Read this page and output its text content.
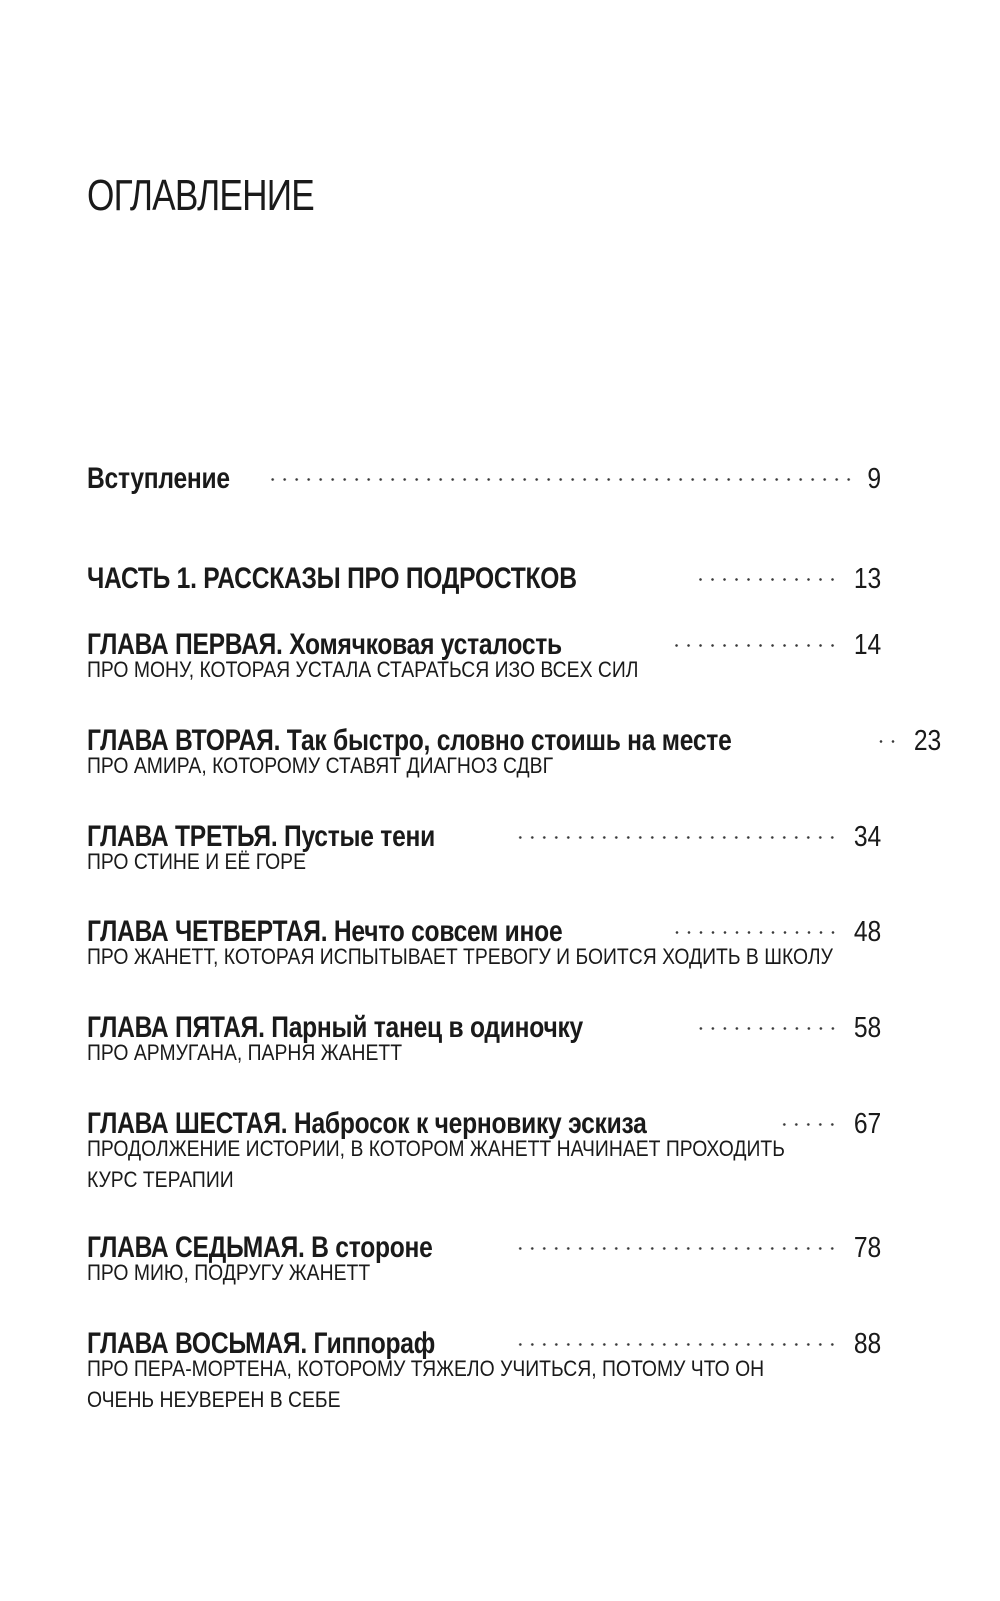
ОГЛАВЛЕНИЕ
Вступление	9
ЧАСТЬ 1. РАССКАЗЫ ПРО ПОДРОСТКОВ	13
ГЛАВА ПЕРВАЯ. Хомячковая усталость	14
ПРО МОНУ, КОТОРАЯ УСТАЛА СТАРАТЬСЯ ИЗО ВСЕХ СИЛ
ГЛАВА ВТОРАЯ. Так быстро, словно стоишь на месте	23
ПРО АМИРА, КОТОРОМУ СТАВЯТ ДИАГНОЗ СДВГ
ГЛАВА ТРЕТЬЯ. Пустые тени	34
ПРО СТИНЕ И ЕЁ ГОРЕ
ГЛАВА ЧЕТВЕРТАЯ. Нечто совсем иное	48
ПРО ЖАНЕТТ, КОТОРАЯ ИСПЫТЫВАЕТ ТРЕВОГУ И БОИТСЯ ХОДИТЬ В ШКОЛУ
ГЛАВА ПЯТАЯ. Парный танец в одиночку	58
ПРО АРМУГАНА, ПАРНЯ ЖАНЕТТ
ГЛАВА ШЕСТАЯ. Набросок к черновику эскиза	67
ПРОДОЛЖЕНИЕ ИСТОРИИ, В КОТОРОМ ЖАНЕТТ НАЧИНАЕТ ПРОХОДИТЬ
КУРС ТЕРАПИИ
ГЛАВА СЕДЬМАЯ. В стороне	78
ПРО МИЮ, ПОДРУГУ ЖАНЕТТ
ГЛАВА ВОСЬМАЯ. Гиппораф	88
ПРО ПЕРА-МОРТЕНА, КОТОРОМУ ТЯЖЕЛО УЧИТЬСЯ, ПОТОМУ ЧТО ОН
ОЧЕНЬ НЕУВЕРЕН В СЕБЕ
